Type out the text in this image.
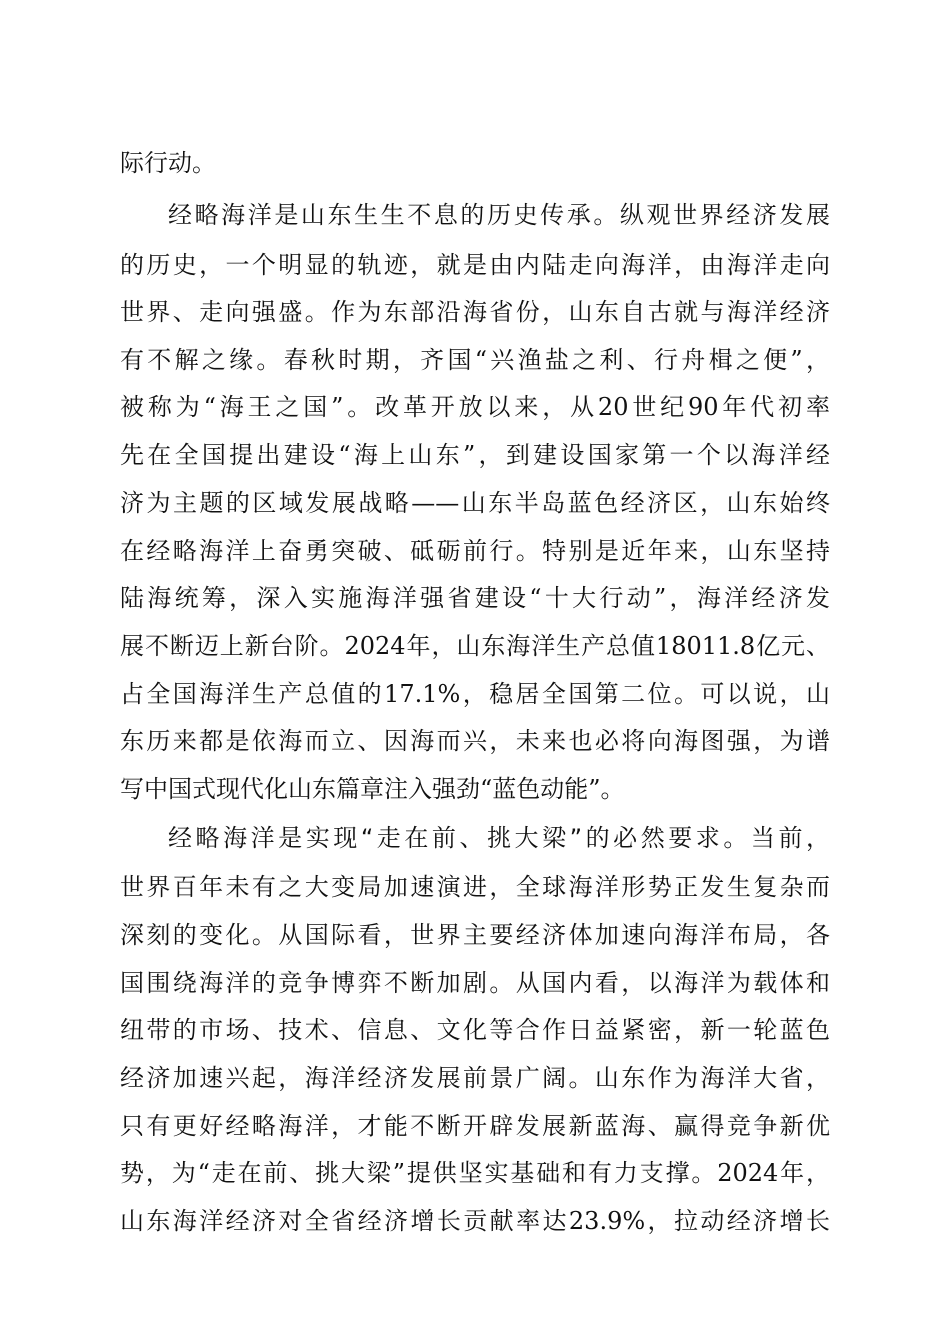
际行动。

经略海洋是山东生生不息的历史传承。纵观世界经济发展

的历史，一个明显的轨迹，就是由内陆走向海洋，由海洋走向

世界、走向强盛。作为东部沿海省份，山东自古就与海洋经济

有不解之缘。春秋时期，齐国“兴渔盐之利、行舟楫之便”，

被称为“海王之国”。改革开放以来，从20世纪90年代初率

先在全国提出建设“海上山东”，到建设国家第一个以海洋经

济为主题的区域发展战略——山东半岛蓝色经济区，山东始终

在经略海洋上奋勇突破、砥砺前行。特别是近年来，山东坚持

陆海统筹，深入实施海洋强省建设“十大行动”，海洋经济发

展不断迈上新台阶。2024年，山东海洋生产总值18011.8亿元、

占全国海洋生产总值的17.1%，稳居全国第二位。可以说，山

东历来都是依海而立、因海而兴，未来也必将向海图强，为谱

写中国式现代化山东篇章注入强劲“蓝色动能”。

经略海洋是实现“走在前、挑大梁”的必然要求。当前，

世界百年未有之大变局加速演进，全球海洋形势正发生复杂而

深刻的变化。从国际看，世界主要经济体加速向海洋布局，各

国围绕海洋的竞争博弈不断加剧。从国内看，以海洋为载体和

纽带的市场、技术、信息、文化等合作日益紧密，新一轮蓝色

经济加速兴起，海洋经济发展前景广阔。山东作为海洋大省，

只有更好经略海洋，才能不断开辟发展新蓝海、赢得竞争新优

势，为“走在前、挑大梁”提供坚实基础和有力支撑。2024年，

山东海洋经济对全省经济增长贡献率达23.9%，拉动经济增长
